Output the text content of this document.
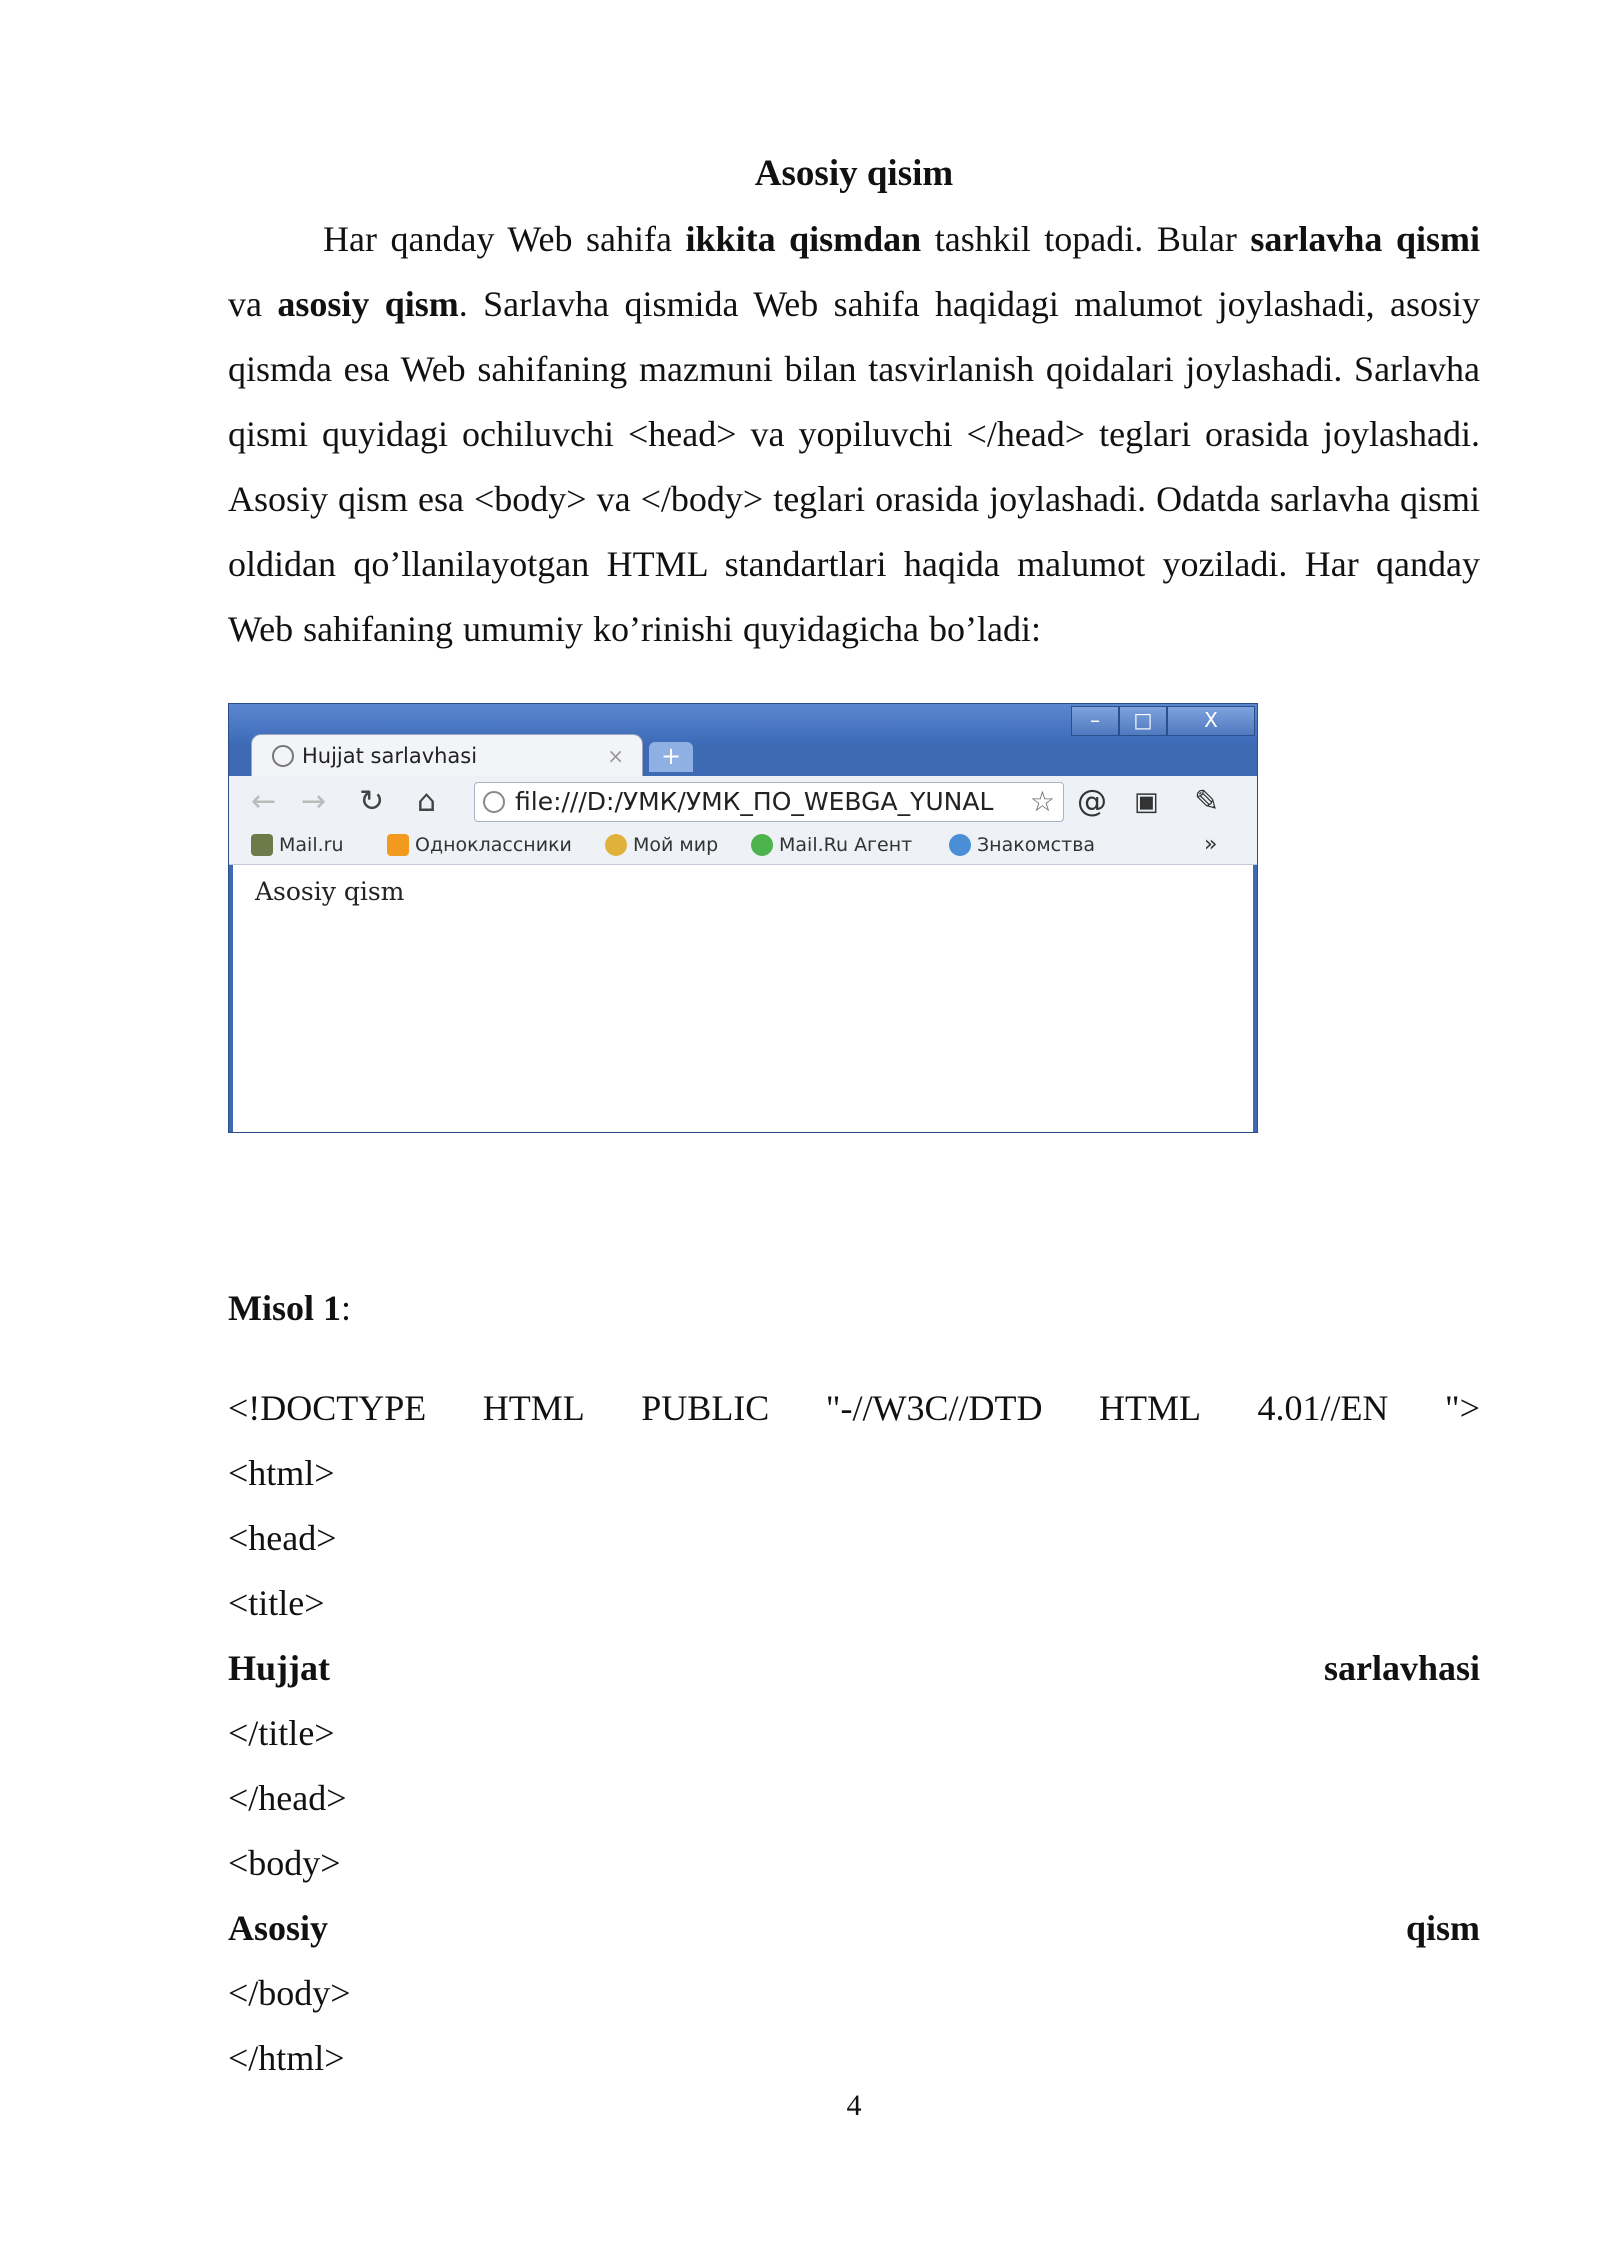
Asosiy qisim
Har qanday Web sahifa ikkita qismdan tashkil topadi. Bular sarlavha qismi va asosiy qism. Sarlavha qismida Web sahifa haqidagi malumot joylashadi, asosiy qismda esa Web sahifaning mazmuni bilan tasvirlanish qoidalari joylashadi. Sarlavha qismi quyidagi ochiluvchi <head> va yopiluvchi </head> teglari orasida joylashadi. Asosiy qism esa <body> va </body> teglari orasida joylashadi. Odatda sarlavha qismi oldidan qo’llanilayotgan HTML standartlari haqida malumot yoziladi. Har qanday Web sahifaning umumiy ko’rinishi quyidagicha bo’ladi:
–	□	X
Hujjat sarlavhasi	×	+
← → ↻ ⌂	file:///D:/УМК/УМК_ПО_WEBGA_YUNAL ☆ @ ▣ ✎
Mail.ru	Одноклассники	Мой мир	Mail.Ru Агент	Знакомства	»
Asosiy qism
Misol 1:
<!DOCTYPE HTML PUBLIC "-//W3C//DTD HTML 4.01//EN ">
<html>
<head>
<title>
Hujjat	sarlavhasi
</title>
</head>
<body>
Asosiy	qism
</body>
</html>
4
